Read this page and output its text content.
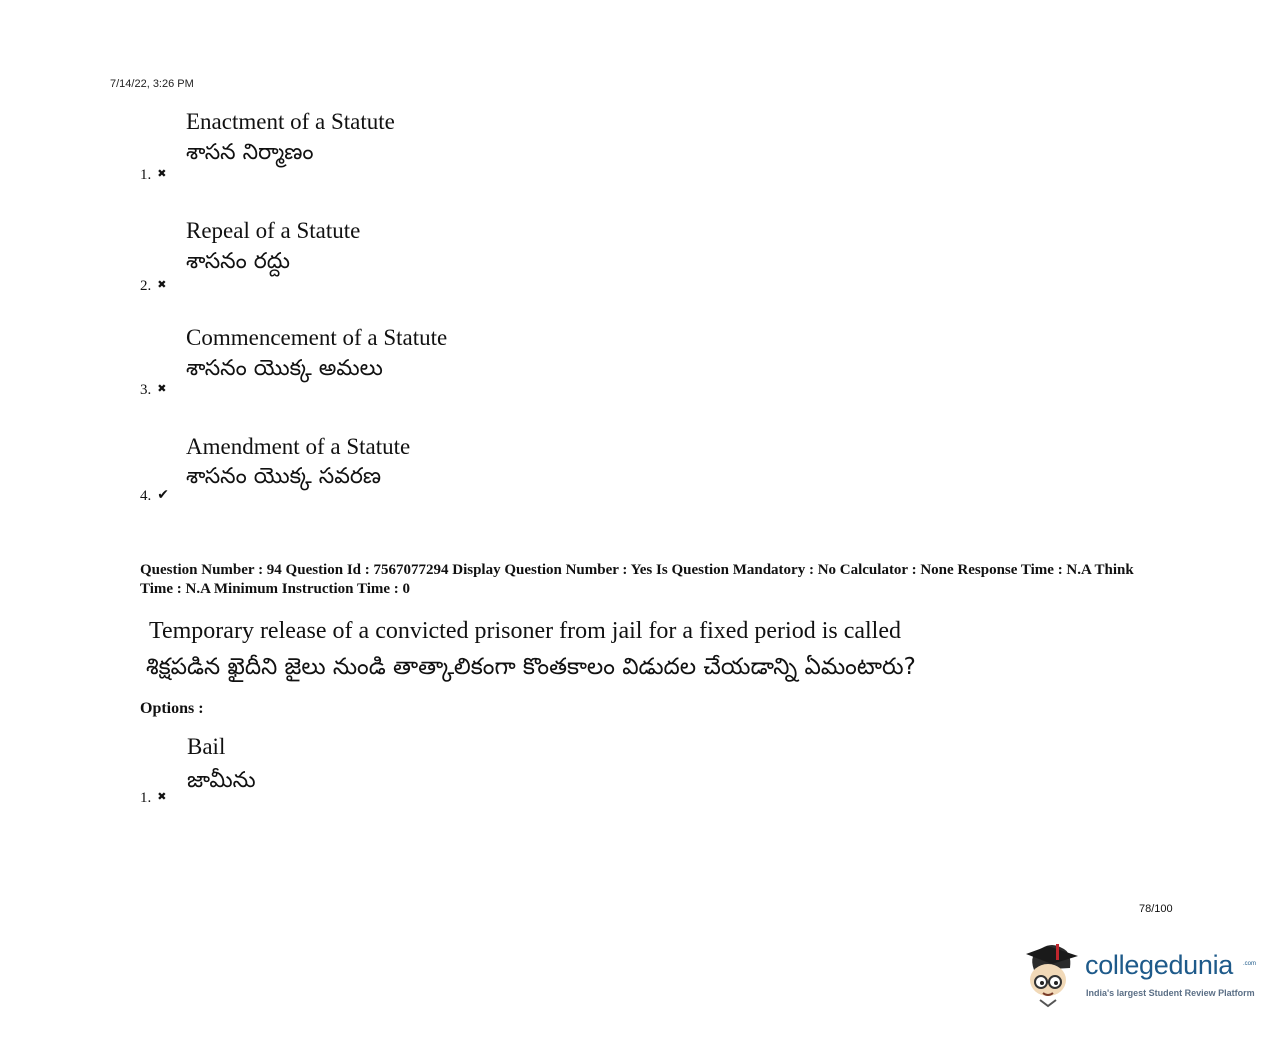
7/14/22, 3:26 PM
Enactment of a Statute
శాసన నిర్మాణం
1. ✖
Repeal of a Statute
శాసనం రద్దు
2. ✖
Commencement of a Statute
శాసనం యొక్క అమలు
3. ✖
Amendment of a Statute
శాసనం యొక్క సవరణ
4. ✔
Question Number : 94 Question Id : 7567077294 Display Question Number : Yes Is Question Mandatory : No Calculator : None Response Time : N.A Think Time : N.A Minimum Instruction Time : 0
Temporary release of a convicted prisoner from jail for a fixed period is called
శిక్షపడిన ఖైదీని జైలు నుండి తాత్కాలికంగా కొంతకాలం విడుదల చేయడాన్ని ఏమంటారు?
Options :
Bail
జామీను
1. ✖
78/100
collegedunia .com
India's largest Student Review Platform
